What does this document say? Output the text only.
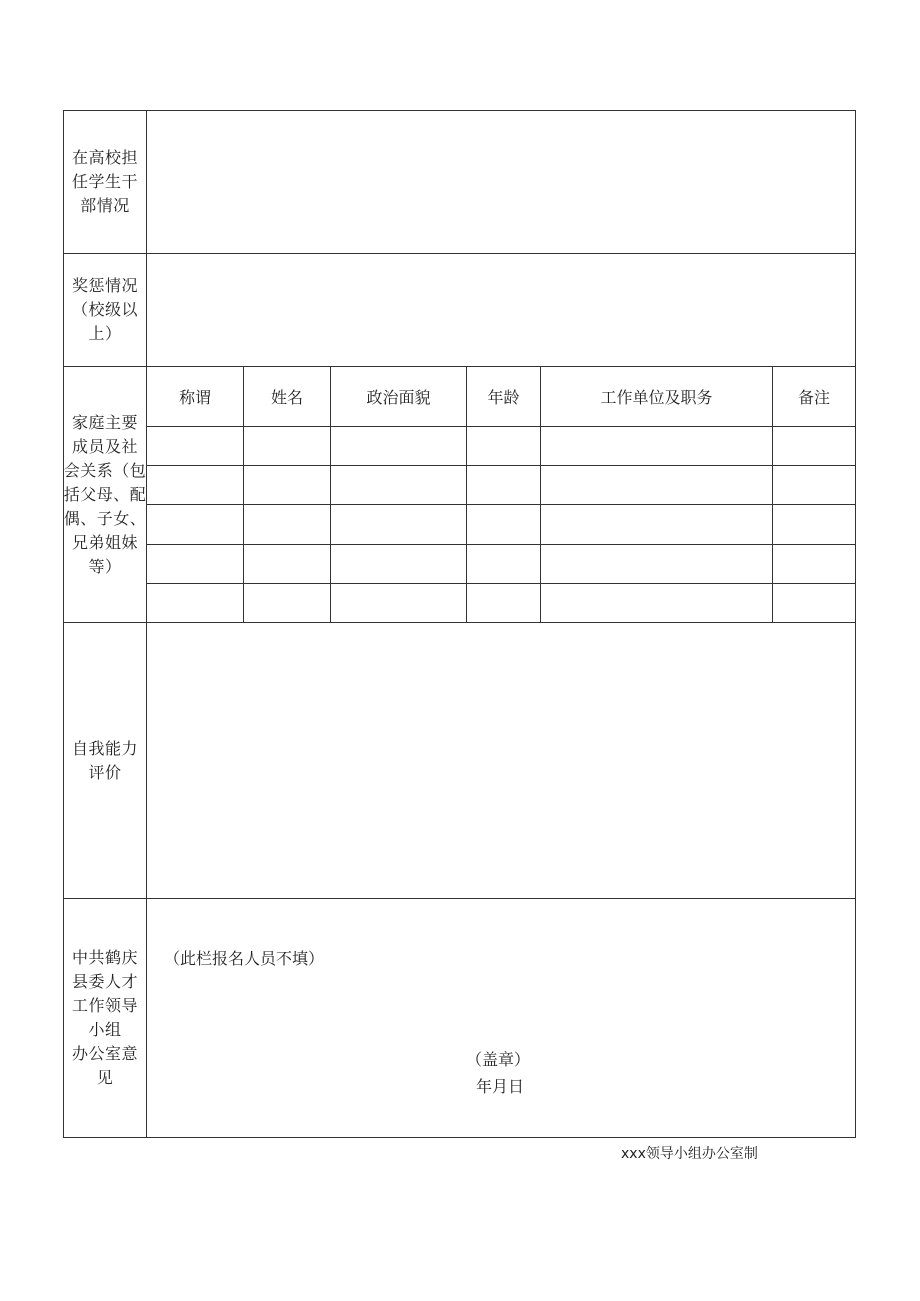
在高校担
任学生干
部情况
奖惩情况
（校级以
上）
家庭主要
成员及社
会关系（包
括父母、配
偶、子女、
兄弟姐妹
等）
称谓	姓名	政治面貌	年龄	工作单位及职务	备注
自我能力
评价
中共鹤庆
县委人才
工作领导
小组
办公室意
见
（此栏报名人员不填）
（盖章）
年月日
xxx领导小组办公室制
